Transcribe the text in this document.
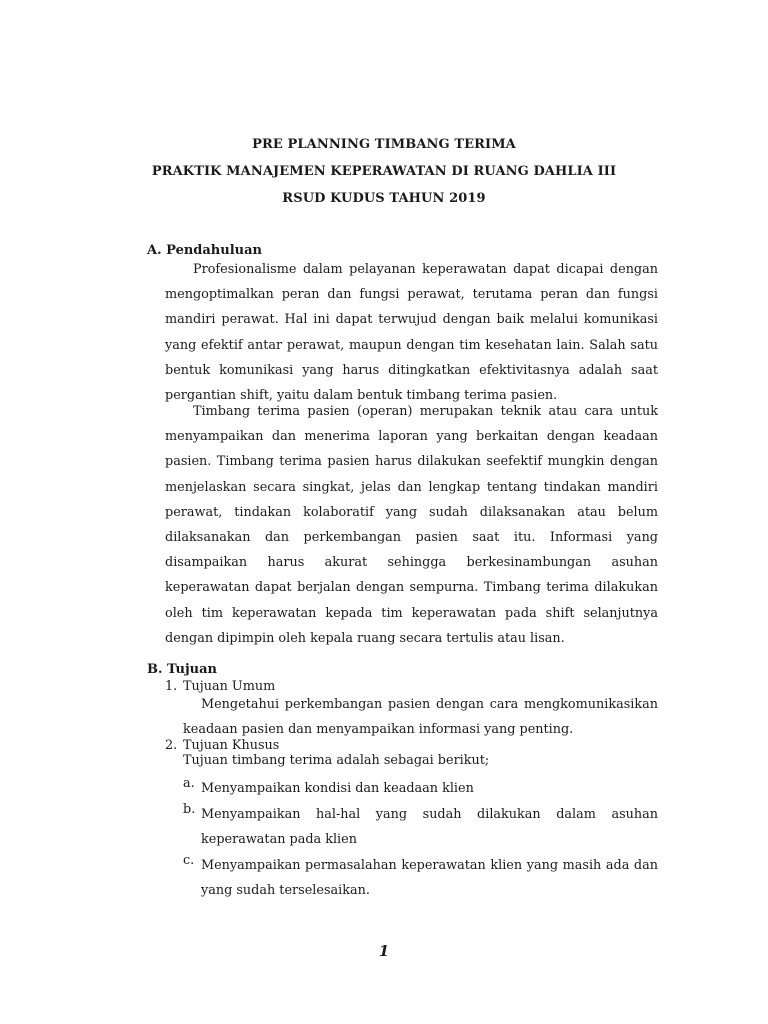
PRE PLANNING TIMBANG TERIMA
PRAKTIK MANAJEMEN KEPERAWATAN DI RUANG DAHLIA III
RSUD KUDUS TAHUN 2019
A. Pendahuluan

Profesionalisme dalam pelayanan keperawatan dapat dicapai dengan mengoptimalkan peran dan fungsi perawat, terutama peran dan fungsi mandiri perawat. Hal ini dapat terwujud dengan baik melalui komunikasi yang efektif antar perawat, maupun dengan tim kesehatan lain. Salah satu bentuk komunikasi yang harus ditingkatkan efektivitasnya adalah saat pergantian shift, yaitu dalam bentuk timbang terima pasien.

Timbang terima pasien (operan) merupakan teknik atau cara untuk menyampaikan dan menerima laporan yang berkaitan dengan keadaan pasien. Timbang terima pasien harus dilakukan seefektif mungkin dengan menjelaskan secara singkat, jelas dan lengkap tentang tindakan mandiri perawat, tindakan kolaboratif yang sudah dilaksanakan atau belum dilaksanakan dan perkembangan pasien saat itu. Informasi yang disampaikan harus akurat sehingga berkesinambungan asuhan keperawatan dapat berjalan dengan sempurna. Timbang terima dilakukan oleh tim keperawatan kepada tim keperawatan pada shift selanjutnya dengan dipimpin oleh kepala ruang secara tertulis atau lisan.

B. Tujuan
1. Tujuan Umum

Mengetahui perkembangan pasien dengan cara mengkomunikasikan keadaan pasien dan menyampaikan informasi yang penting.

2. Tujuan Khusus
Tujuan timbang terima adalah sebagai berikut;
a. Menyampaikan kondisi dan keadaan klien
b. Menyampaikan hal-hal yang sudah dilakukan dalam asuhan keperawatan pada klien
c. Menyampaikan permasalahan keperawatan klien yang masih ada dan yang sudah terselesaikan.
1
